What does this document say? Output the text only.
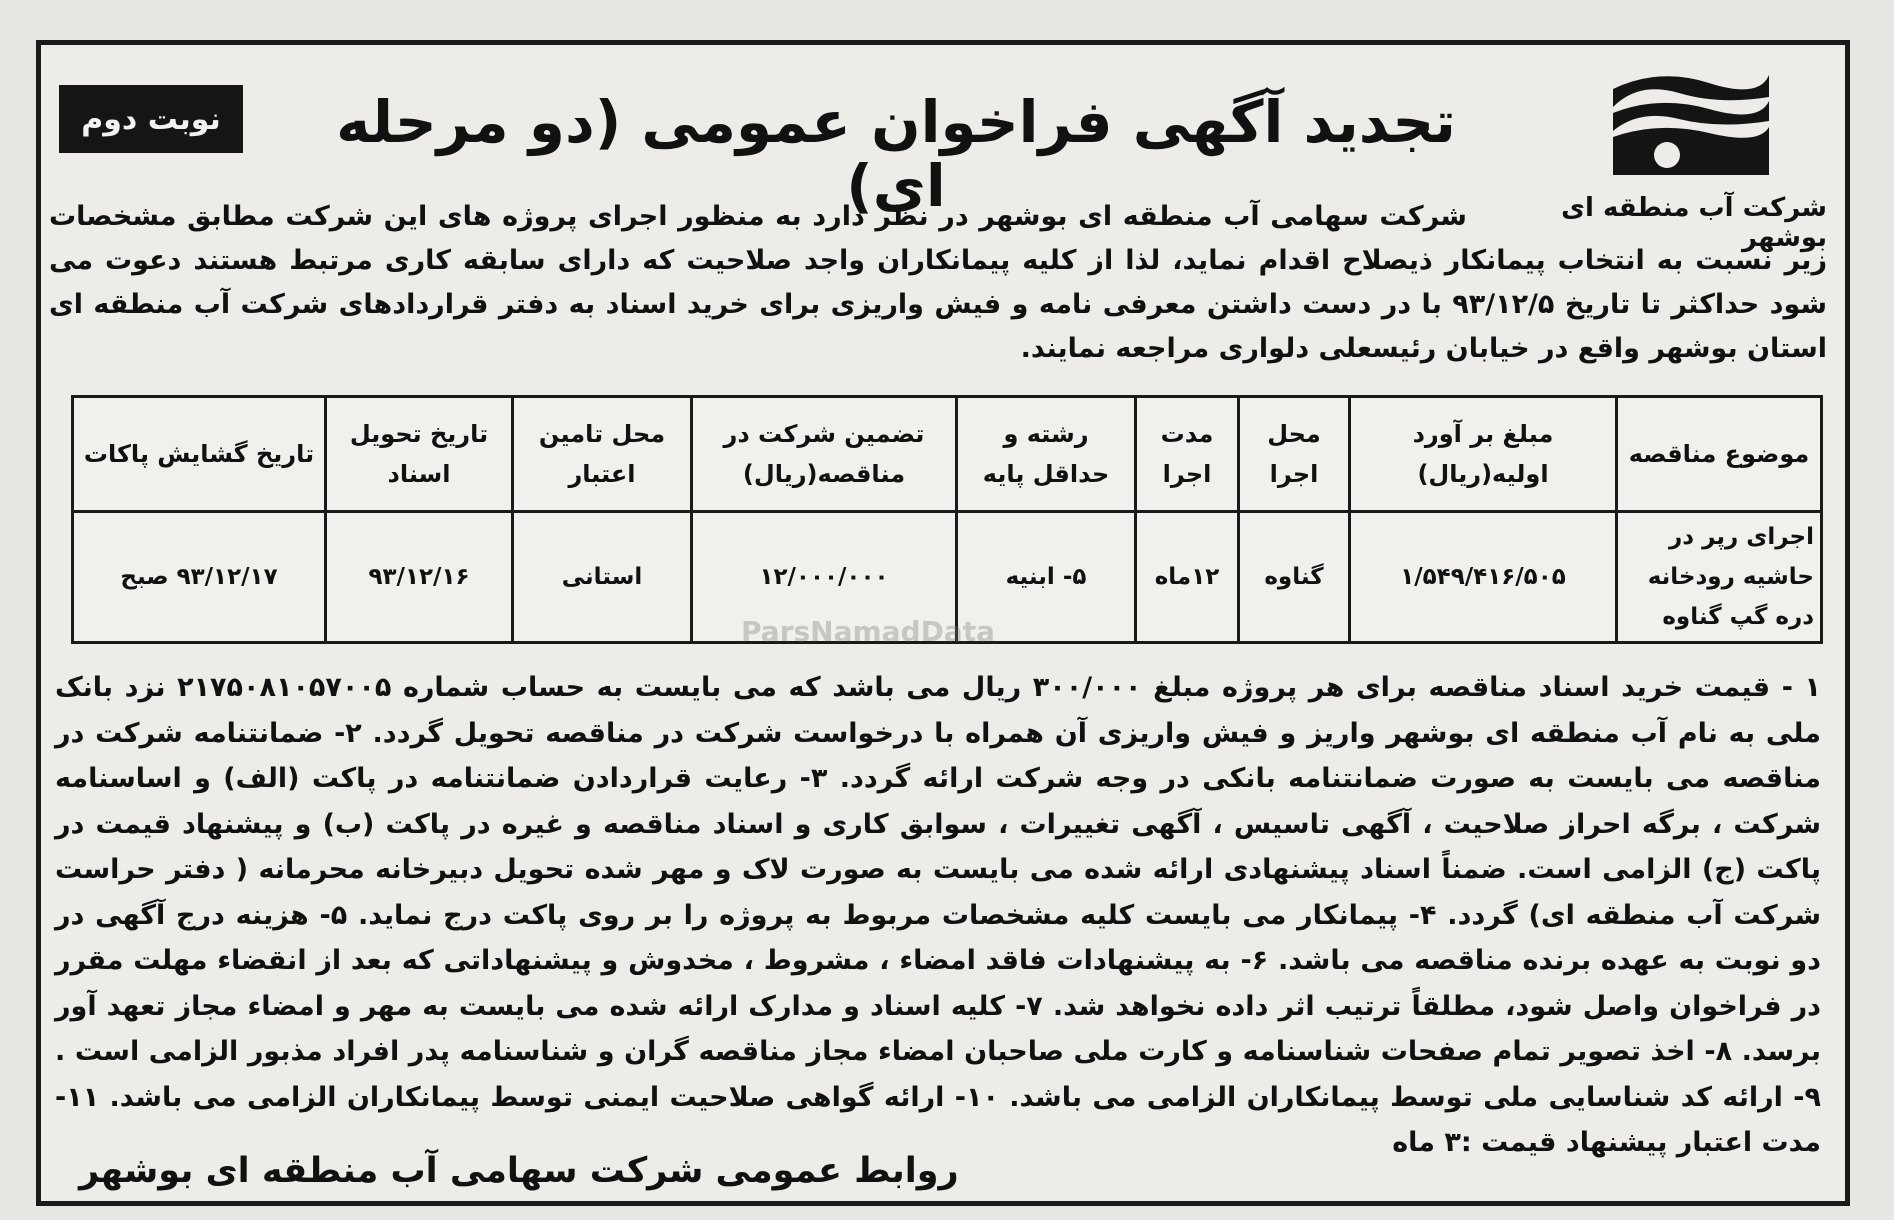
نوبت دوم	تجدید آگهی فراخوان عمومی (دو مرحله ای)	شرکت آب منطقه ای بوشهر

شرکت سهامی آب منطقه ای بوشهر در نظر دارد به منظور اجرای پروژه های این شرکت مطابق مشخصات زیر نسبت به انتخاب پیمانکار ذیصلاح اقدام نماید، لذا از کلیه پیمانکاران واجد صلاحیت که دارای سابقه کاری مرتبط هستند دعوت می شود حداکثر تا تاریخ ۹۳/۱۲/۵ با در دست داشتن معرفی نامه و فیش واریزی برای خرید اسناد به دفتر قراردادهای شرکت آب منطقه ای استان بوشهر واقع در خیابان رئیسعلی دلواری مراجعه نمایند.

موضوع مناقصه	مبلغ بر آورد اولیه(ریال)	محل اجرا	مدت اجرا	رشته و حداقل پایه	تضمین شرکت در مناقصه(ریال)	محل تامین اعتبار	تاریخ تحویل اسناد	تاریخ گشایش پاکات
اجرای رپر در حاشیه رودخانه دره گپ گناوه	۱/۵۴۹/۴۱۶/۵۰۵	گناوه	۱۲ماه	۵- ابنیه	۱۲/۰۰۰/۰۰۰	استانی	۹۳/۱۲/۱۶	۹۳/۱۲/۱۷ صبح
ParsNamadData

۱ - قیمت خرید اسناد مناقصه برای هر پروژه مبلغ ۳۰۰/۰۰۰ ریال می باشد که می بایست به حساب شماره ۲۱۷۵۰۸۱۰۵۷۰۰۵ نزد بانک ملی به نام آب منطقه ای بوشهر واریز و فیش واریزی آن همراه با درخواست شرکت در مناقصه تحویل گردد. ۲- ضمانتنامه شرکت در مناقصه می بایست به صورت ضمانتنامه بانکی در وجه شرکت ارائه گردد. ۳- رعایت قراردادن ضمانتنامه در پاکت (الف) و اساسنامه شرکت ، برگه احراز صلاحیت ، آگهی تاسیس ، آگهی تغییرات ، سوابق کاری و اسناد مناقصه و غیره در پاکت (ب) و پیشنهاد قیمت در پاکت (ج) الزامی است. ضمناً اسناد پیشنهادی ارائه شده می بایست به صورت لاک و مهر شده تحویل دبیرخانه محرمانه ( دفتر حراست شرکت آب منطقه ای) گردد. ۴- پیمانکار می بایست کلیه مشخصات مربوط به پروژه را بر روی پاکت درج نماید. ۵- هزینه درج آگهی در دو نوبت به عهده برنده مناقصه می باشد. ۶- به پیشنهادات فاقد امضاء ، مشروط ، مخدوش و پیشنهاداتی که بعد از انقضاء مهلت مقرر در فراخوان واصل شود، مطلقاً ترتیب اثر داده نخواهد شد. ۷- کلیه اسناد و مدارک ارائه شده می بایست به مهر و امضاء مجاز تعهد آور برسد. ۸- اخذ تصویر تمام صفحات شناسنامه و کارت ملی صاحبان امضاء مجاز مناقصه گران و شناسنامه پدر افراد مذبور الزامی است . ۹- ارائه کد شناسایی ملی توسط پیمانکاران الزامی می باشد. ۱۰- ارائه گواهی صلاحیت ایمنی توسط پیمانکاران الزامی می باشد. ۱۱- مدت اعتبار پیشنهاد قیمت :۳ ماه

روابط عمومی شرکت سهامی آب منطقه ای بوشهر
